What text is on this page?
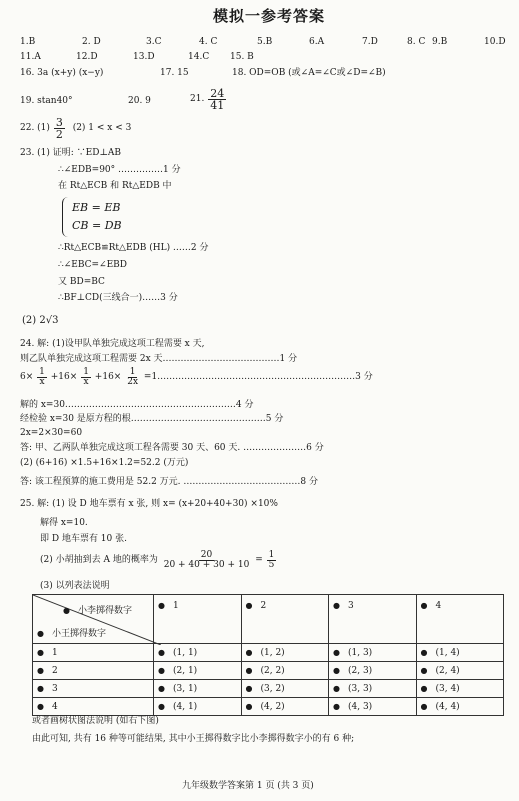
模拟一参考答案
1.B	2. D	3.C	4. C	5.B	6.A	7.D	8. C 9.B	10.D
11.A	12.D	13.D	14.C 15. B
16. 3a (x+y) (x−y)	17. 15	18. OD=OB (或∠A=∠C或∠D=∠B)
19. stan40°	20. 9	21. $\frac{24}{41}$
22. $(1) \frac{3}{2} (2) 1 < x < 3$
23. (1) 证明: ∵ED⊥AB
∴∠EDB=90° ……………1 分
在 Rt△ECB 和 Rt△EDB 中
EB = EB
CB = DB
∴Rt△ECB≌Rt△EDB (HL) ……2 分
∴∠EBC=∠EBD
又 BD=BC
∴BF⊥CD(三线合一)……3 分
(2) 2√3
24. 解: (1)设甲队单独完成这项工程需要 x 天,
则乙队单独完成这项工程需要 2x 天…………………………………1 分
$6\times \frac{1}{x} +16\times \frac{1}{x} +16\times \frac{1}{2x}$ =1…………………………………………………………3 分
解的 x=30…………………………………………………4 分
经检验 x=30 是原方程的根………………………………………5 分
2x=2×30=60
答: 甲、乙两队单独完成这项工程各需要 30 天、60 天. …………………6 分
(2) (6+16) ×1.5+16×1.2=52.2 (万元)
答: 该工程预算的施工费用是 52.2 万元. …………………………………8 分
25. 解: (1) 设 D 地车票有 x 张, 则 x= (x+20+40+30) ×10%
解得 x=10.
即 D 地车票有 10 张.
(2) 小胡抽到去 A 地的概率为 $\frac{20}{20 + 40 + 30 + 10} = \frac{1}{5}$
(3) 以列表法说明
● 小李掷得数字
● 小王掷得数字	● 1	● 2	● 3	● 4
● 1	● (1, 1)	● (1, 2)	● (1, 3)	● (1, 4)
● 2	● (2, 1)	● (2, 2)	● (2, 3)	● (2, 4)
● 3	● (3, 1)	● (3, 2)	● (3, 3)	● (3, 4)
● 4	● (4, 1)	● (4, 2)	● (4, 3)	● (4, 4)
或者画树状图法说明 (如右下图)
由此可知, 共有 16 种等可能结果, 其中小王掷得数字比小李掷得数字小的有 6 种;
九年级数学答案第 1 页 (共 3 页)
